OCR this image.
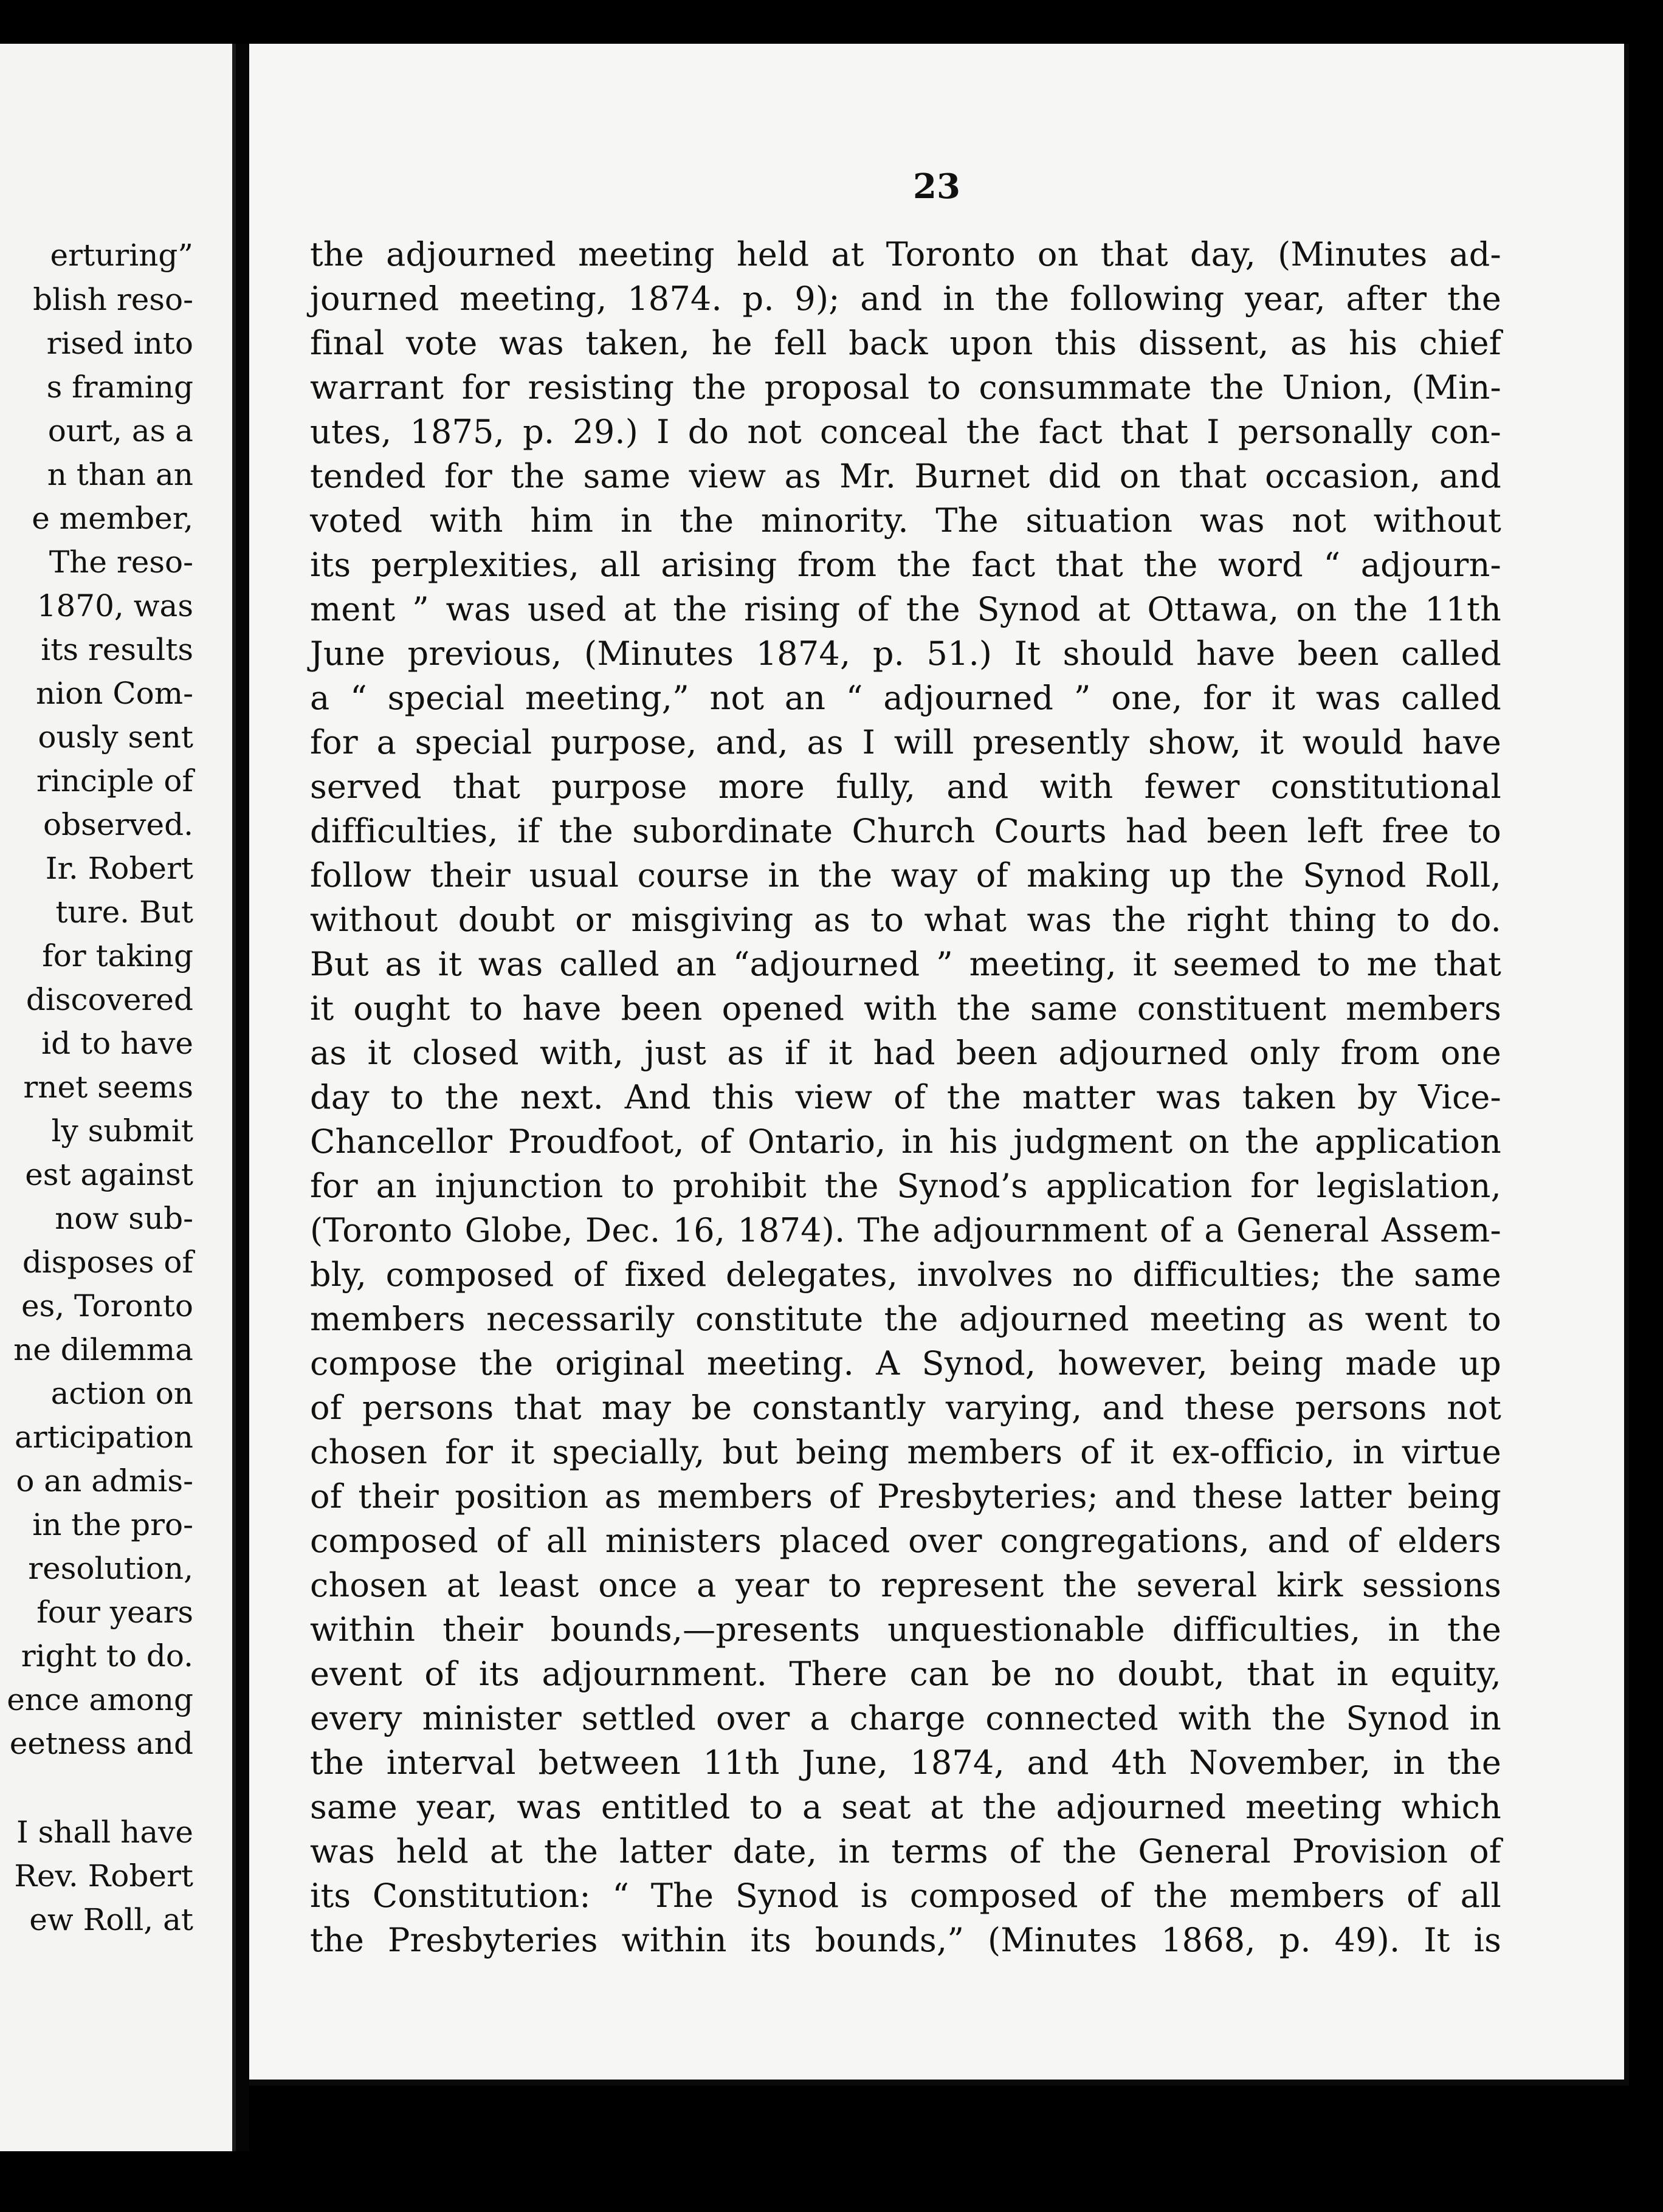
erturing”
blish reso-
rised into
s framing
ourt, as a
n than an
e member,
The reso-
1870, was
its results
nion Com-
ously sent
rinciple of
observed.
Ir. Robert
ture. But
for taking
discovered
id to have
rnet seems
ly submit
est against
now sub-
disposes of
es, Toronto
ne dilemma
action on
articipation
o an admis-
in the pro-
resolution,
four years
right to do.
ence among
eetness and
I shall have
Rev. Robert
ew Roll, at
23
the adjourned meeting held at Toronto on that day, (Minutes ad-
journed meeting, 1874. p. 9); and in the following year, after the
final vote was taken, he fell back upon this dissent, as his chief
warrant for resisting the proposal to consummate the Union, (Min-
utes, 1875, p. 29.) I do not conceal the fact that I personally con-
tended for the same view as Mr. Burnet did on that occasion, and
voted with him in the minority. The situation was not without
its perplexities, all arising from the fact that the word “ adjourn-
ment ” was used at the rising of the Synod at Ottawa, on the 11th
June previous, (Minutes 1874, p. 51.) It should have been called
a “ special meeting,” not an “ adjourned ” one, for it was called
for a special purpose, and, as I will presently show, it would have
served that purpose more fully, and with fewer constitutional
difficulties, if the subordinate Church Courts had been left free to
follow their usual course in the way of making up the Synod Roll,
without doubt or misgiving as to what was the right thing to do.
But as it was called an “adjourned ” meeting, it seemed to me that
it ought to have been opened with the same constituent members
as it closed with, just as if it had been adjourned only from one
day to the next. And this view of the matter was taken by Vice-
Chancellor Proudfoot, of Ontario, in his judgment on the application
for an injunction to prohibit the Synod’s application for legislation,
(Toronto Globe, Dec. 16, 1874). The adjournment of a General Assem-
bly, composed of fixed delegates, involves no difficulties; the same
members necessarily constitute the adjourned meeting as went to
compose the original meeting. A Synod, however, being made up
of persons that may be constantly varying, and these persons not
chosen for it specially, but being members of it ex-officio, in virtue
of their position as members of Presbyteries; and these latter being
composed of all ministers placed over congregations, and of elders
chosen at least once a year to represent the several kirk sessions
within their bounds,—presents unquestionable difficulties, in the
event of its adjournment. There can be no doubt, that in equity,
every minister settled over a charge connected with the Synod in
the interval between 11th June, 1874, and 4th November, in the
same year, was entitled to a seat at the adjourned meeting which
was held at the latter date, in terms of the General Provision of
its Constitution: “ The Synod is composed of the members of all
the Presbyteries within its bounds,” (Minutes 1868, p. 49). It is
